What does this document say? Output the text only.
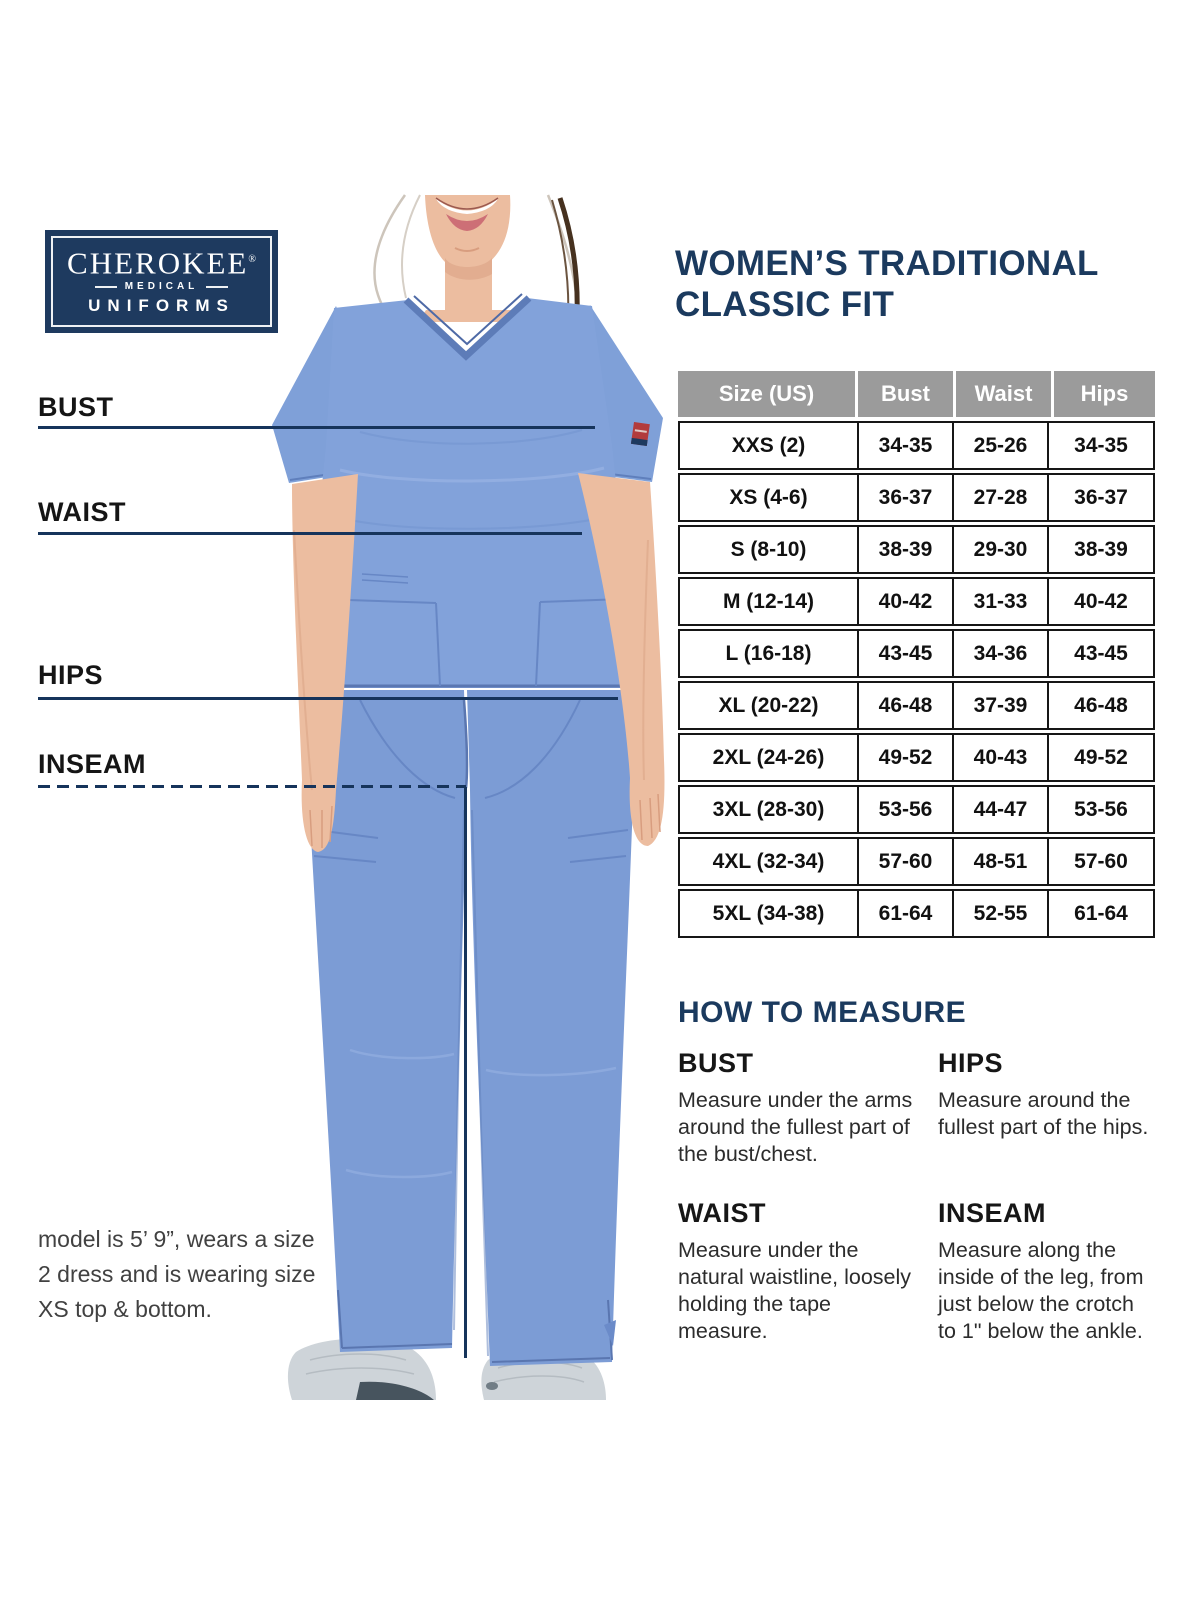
CHEROKEE®
MEDICAL
UNIFORMS
BUST
WAIST
HIPS
INSEAM
WOMEN’S TRADITIONAL
CLASSIC FIT
Size (US)	Bust	Waist	Hips
XXS (2)	34-35	25-26	34-35
XS (4-6)	36-37	27-28	36-37
S (8-10)	38-39	29-30	38-39
M (12-14)	40-42	31-33	40-42
L (16-18)	43-45	34-36	43-45
XL (20-22)	46-48	37-39	46-48
2XL (24-26)	49-52	40-43	49-52
3XL (28-30)	53-56	44-47	53-56
4XL (32-34)	57-60	48-51	57-60
5XL (34-38)	61-64	52-55	61-64
HOW TO MEASURE
BUST
Measure under the arms around the fullest part of the bust/chest.
HIPS
Measure around the fullest part of the hips.
WAIST
Measure under the natural waistline, loosely holding the tape measure.
INSEAM
Measure along the inside of the leg, from just below the crotch to 1" below the ankle.
model is 5’ 9”, wears a size 2 dress and is wearing size XS top & bottom.
